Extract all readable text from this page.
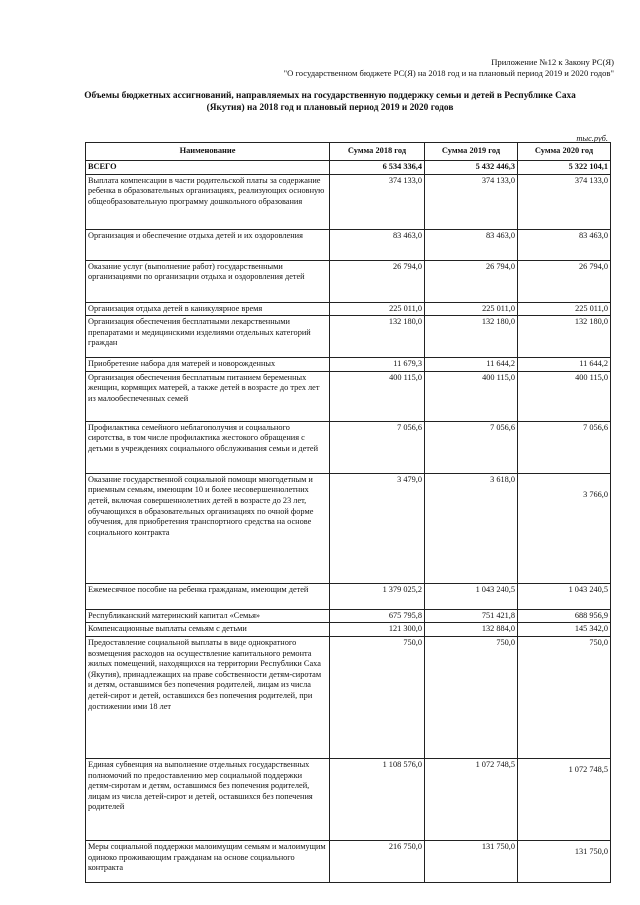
Приложение №12 к Закону РС(Я)
"О государственном бюджете РС(Я) на 2018 год и на плановый период 2019 и 2020 годов"
Объемы бюджетных ассигнований, направляемых на государственную поддержку семьи и детей в Республике Саха (Якутия) на 2018 год и плановый период 2019 и 2020 годов
тыс.руб.
Наименование	Сумма 2018 год	Сумма 2019 год	Сумма 2020 год
ВСЕГО	6 534 336,4	5 432 446,3	5 322 104,1
Выплата компенсации в части родительской платы за содержание ребенка в образовательных организациях, реализующих основную общеобразовательную программу дошкольного образования	374 133,0	374 133,0	374 133,0
Организация и обеспечение отдыха детей и их оздоровления	83 463,0	83 463,0	83 463,0
Оказание услуг (выполнение работ) государственными организациями по организации отдыха и оздоровления детей	26 794,0	26 794,0	26 794,0
Организация отдыха детей в каникулярное время	225 011,0	225 011,0	225 011,0
Организация обеспечения бесплатными лекарственными препаратами и медицинскими изделиями отдельных категорий граждан	132 180,0	132 180,0	132 180,0
Приобретение набора для матерей и новорожденных	11 679,3	11 644,2	11 644,2
Организация обеспечения бесплатным питанием беременных женщин, кормящих матерей, а также детей в возрасте до трех лет из малообеспеченных семей	400 115,0	400 115,0	400 115,0
Профилактика семейного неблагополучия и социального сиротства, в том числе профилактика жестокого обращения с детьми в учреждениях социального обслуживания семьи и детей	7 056,6	7 056,6	7 056,6
Оказание государственной социальной помощи многодетным и приемным семьям, имеющим 10 и более несовершеннолетних детей, включая совершеннолетних детей в возрасте до 23 лет, обучающихся в образовательных организациях по очной форме обучения, для приобретения транспортного средства на основе социального контракта	3 479,0	3 618,0	3 766,0
Ежемесячное пособие на ребенка гражданам, имеющим детей	1 379 025,2	1 043 240,5	1 043 240,5
Республиканский материнский капитал «Семья»	675 795,8	751 421,8	688 956,9
Компенсационные выплаты семьям с детьми	121 300,0	132 884,0	145 342,0
Предоставление социальной выплаты в виде однократного возмещения расходов на осуществление капитального ремонта жилых помещений, находящихся на территории Республики Саха (Якутия), принадлежащих на праве собственности детям-сиротам и детям, оставшимся без попечения родителей, лицам из числа детей-сирот и детей, оставшихся без попечения родителей, при достижении ими 18 лет	750,0	750,0	750,0
Единая субвенция на выполнение отдельных государственных полномочий по предоставлению мер социальной поддержки детям-сиротам и детям, оставшимся без попечения родителей, лицам из числа детей-сирот и детей, оставшихся без попечения родителей	1 108 576,0	1 072 748,5	1 072 748,5
Меры социальной поддержки малоимущим семьям и малоимущим одиноко проживающим гражданам на основе социального контракта	216 750,0	131 750,0	131 750,0
